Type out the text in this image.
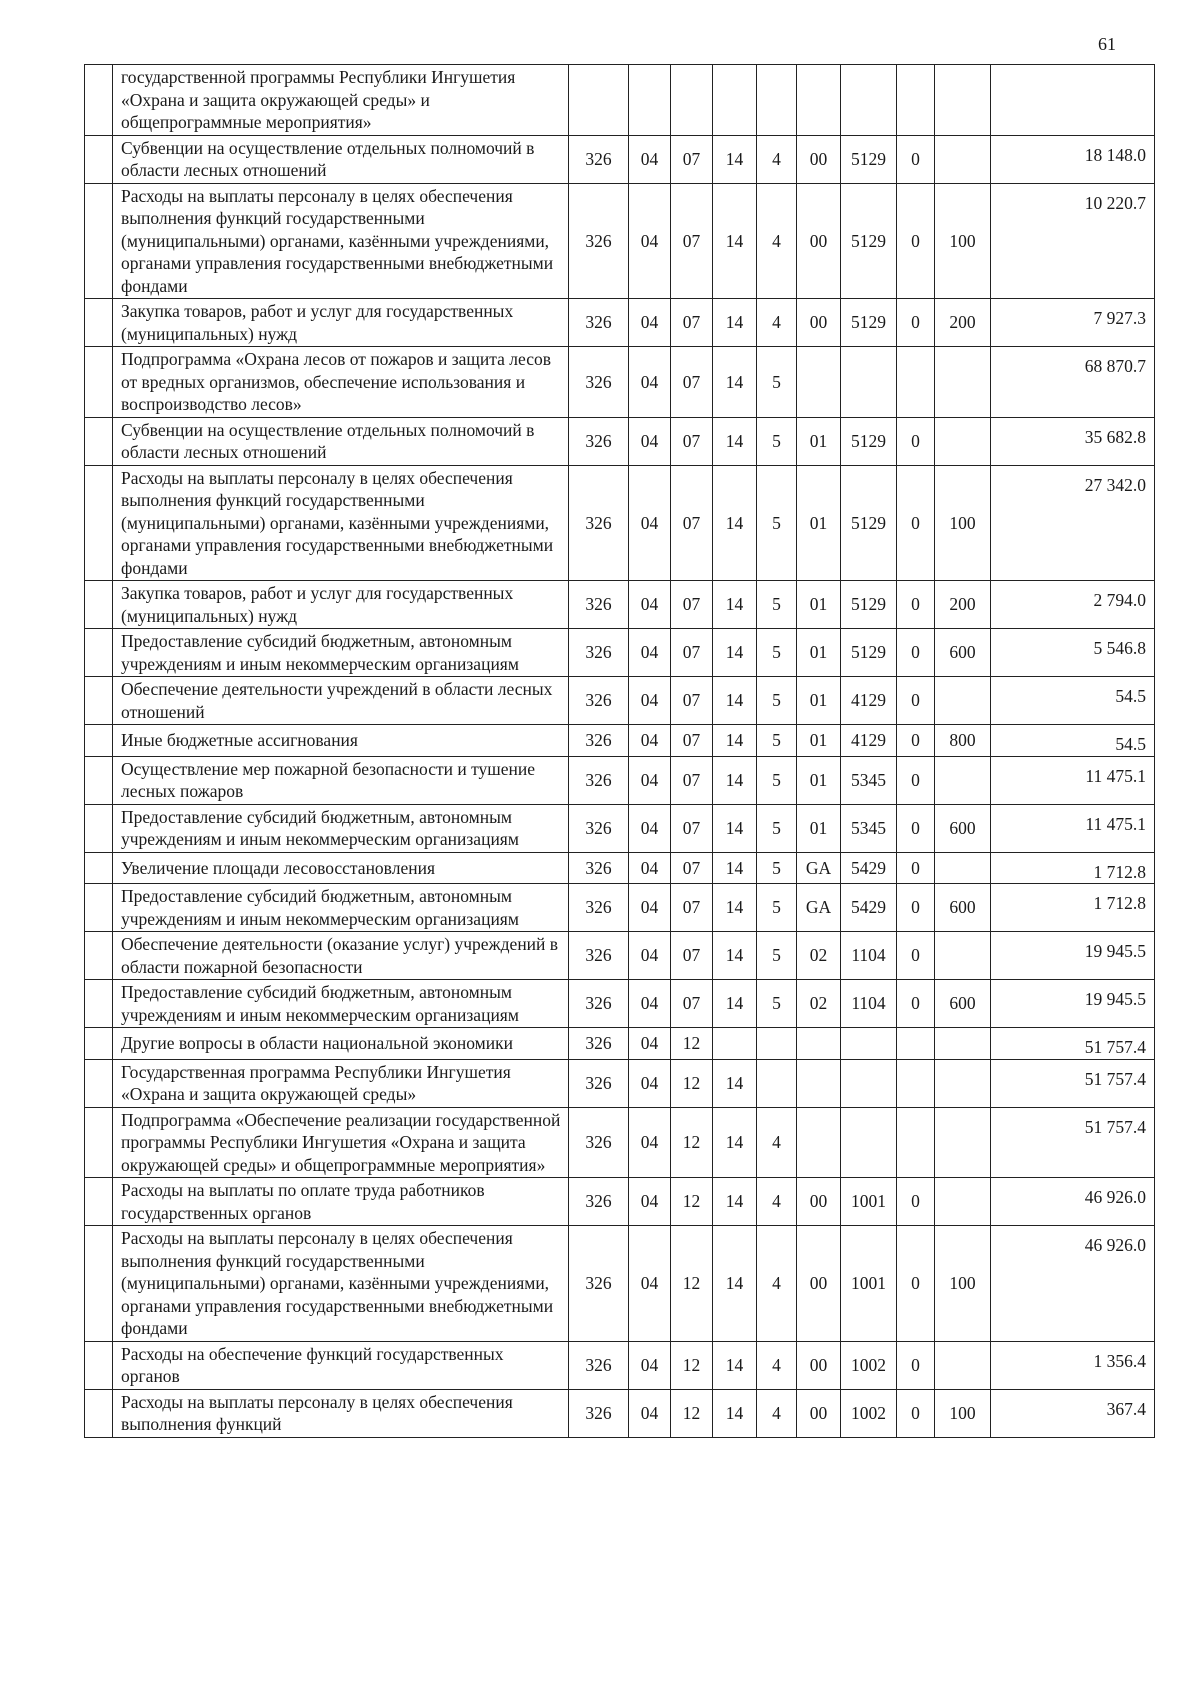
61
	государственной программы Республики Ингушетия «Охрана и защита окружающей среды» и общепрограммные мероприятия»										
	Субвенции на осуществление отдельных полномочий в области лесных отношений	326	04	07	14	4	00	5129	0		18 148.0
	Расходы на выплаты персоналу в целях обеспечения выполнения функций государственными (муниципальными) органами, казёнными учреждениями, органами управления государственными внебюджетными фондами	326	04	07	14	4	00	5129	0	100	10 220.7
	Закупка товаров, работ и услуг для государственных (муниципальных) нужд	326	04	07	14	4	00	5129	0	200	7 927.3
	Подпрограмма «Охрана лесов от пожаров и защита лесов от вредных организмов, обеспечение использования и воспроизводство лесов»	326	04	07	14	5					68 870.7
	Субвенции на осуществление отдельных полномочий в области лесных отношений	326	04	07	14	5	01	5129	0		35 682.8
	Расходы на выплаты персоналу в целях обеспечения выполнения функций государственными (муниципальными) органами, казёнными учреждениями, органами управления государственными внебюджетными фондами	326	04	07	14	5	01	5129	0	100	27 342.0
	Закупка товаров, работ и услуг для государственных (муниципальных) нужд	326	04	07	14	5	01	5129	0	200	2 794.0
	Предоставление субсидий бюджетным, автономным учреждениям и иным некоммерческим организациям	326	04	07	14	5	01	5129	0	600	5 546.8
	Обеспечение деятельности учреждений в области лесных отношений	326	04	07	14	5	01	4129	0		54.5
	Иные бюджетные ассигнования	326	04	07	14	5	01	4129	0	800	54.5
	Осуществление мер пожарной безопасности и тушение лесных пожаров	326	04	07	14	5	01	5345	0		11 475.1
	Предоставление субсидий бюджетным, автономным учреждениям и иным некоммерческим организациям	326	04	07	14	5	01	5345	0	600	11 475.1
	Увеличение площади лесовосстановления	326	04	07	14	5	GA	5429	0		1 712.8
	Предоставление субсидий бюджетным, автономным учреждениям и иным некоммерческим организациям	326	04	07	14	5	GA	5429	0	600	1 712.8
	Обеспечение деятельности (оказание услуг) учреждений в области пожарной безопасности	326	04	07	14	5	02	1104	0		19 945.5
	Предоставление субсидий бюджетным, автономным учреждениям и иным некоммерческим организациям	326	04	07	14	5	02	1104	0	600	19 945.5
	Другие вопросы в области национальной экономики	326	04	12							51 757.4
	Государственная программа Республики Ингушетия «Охрана и защита окружающей среды»	326	04	12	14						51 757.4
	Подпрограмма «Обеспечение реализации государственной программы Республики Ингушетия «Охрана и защита окружающей среды» и общепрограммные мероприятия»	326	04	12	14	4					51 757.4
	Расходы на выплаты по оплате труда работников государственных органов	326	04	12	14	4	00	1001	0		46 926.0
	Расходы на выплаты персоналу в целях обеспечения выполнения функций государственными (муниципальными) органами, казёнными учреждениями, органами управления государственными внебюджетными фондами	326	04	12	14	4	00	1001	0	100	46 926.0
	Расходы на обеспечение функций государственных органов	326	04	12	14	4	00	1002	0		1 356.4
	Расходы на выплаты персоналу в целях обеспечения выполнения функций	326	04	12	14	4	00	1002	0	100	367.4
